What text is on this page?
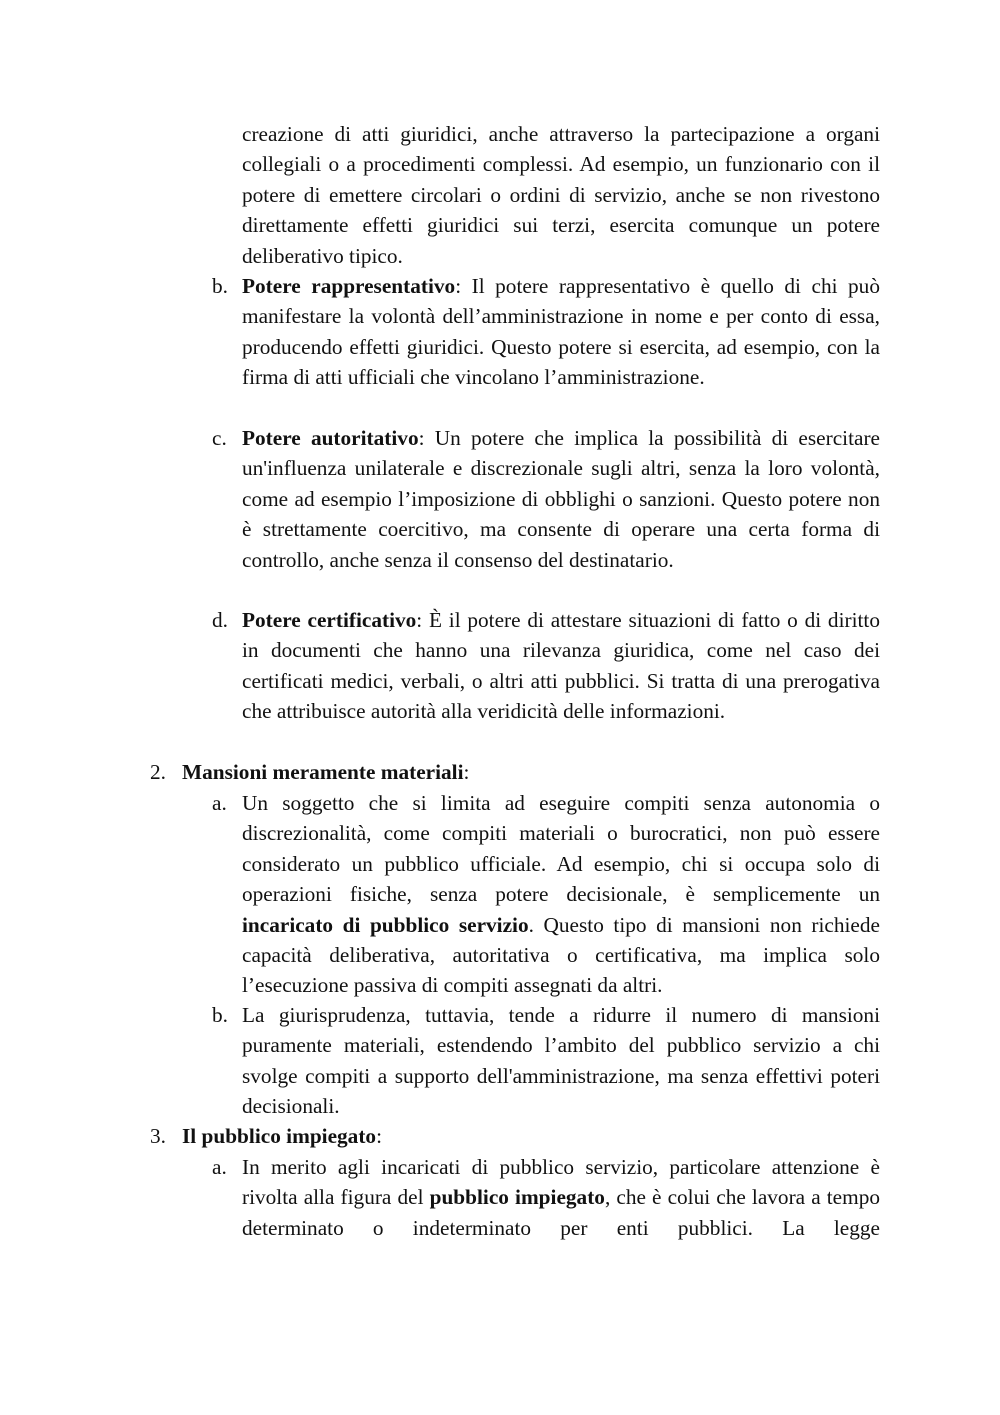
creazione di atti giuridici, anche attraverso la partecipazione a organi collegiali o a procedimenti complessi. Ad esempio, un funzionario con il potere di emettere circolari o ordini di servizio, anche se non rivestono direttamente effetti giuridici sui terzi, esercita comunque un potere deliberativo tipico.

b. Potere rappresentativo: Il potere rappresentativo è quello di chi può manifestare la volontà dell’amministrazione in nome e per conto di essa, producendo effetti giuridici. Questo potere si esercita, ad esempio, con la firma di atti ufficiali che vincolano l’amministrazione.

c. Potere autoritativo: Un potere che implica la possibilità di esercitare un'influenza unilaterale e discrezionale sugli altri, senza la loro volontà, come ad esempio l’imposizione di obblighi o sanzioni. Questo potere non è strettamente coercitivo, ma consente di operare una certa forma di controllo, anche senza il consenso del destinatario.

d. Potere certificativo: È il potere di attestare situazioni di fatto o di diritto in documenti che hanno una rilevanza giuridica, come nel caso dei certificati medici, verbali, o altri atti pubblici. Si tratta di una prerogativa che attribuisce autorità alla veridicità delle informazioni.

2. Mansioni meramente materiali:
a. Un soggetto che si limita ad eseguire compiti senza autonomia o discrezionalità, come compiti materiali o burocratici, non può essere considerato un pubblico ufficiale. Ad esempio, chi si occupa solo di operazioni fisiche, senza potere decisionale, è semplicemente un incaricato di pubblico servizio. Questo tipo di mansioni non richiede capacità deliberativa, autoritativa o certificativa, ma implica solo l’esecuzione passiva di compiti assegnati da altri.

b. La giurisprudenza, tuttavia, tende a ridurre il numero di mansioni puramente materiali, estendendo l’ambito del pubblico servizio a chi svolge compiti a supporto dell'amministrazione, ma senza effettivi poteri decisionali.

3. Il pubblico impiegato:
a. In merito agli incaricati di pubblico servizio, particolare attenzione è rivolta alla figura del pubblico impiegato, che è colui che lavora a tempo determinato o indeterminato per enti pubblici. La legge
